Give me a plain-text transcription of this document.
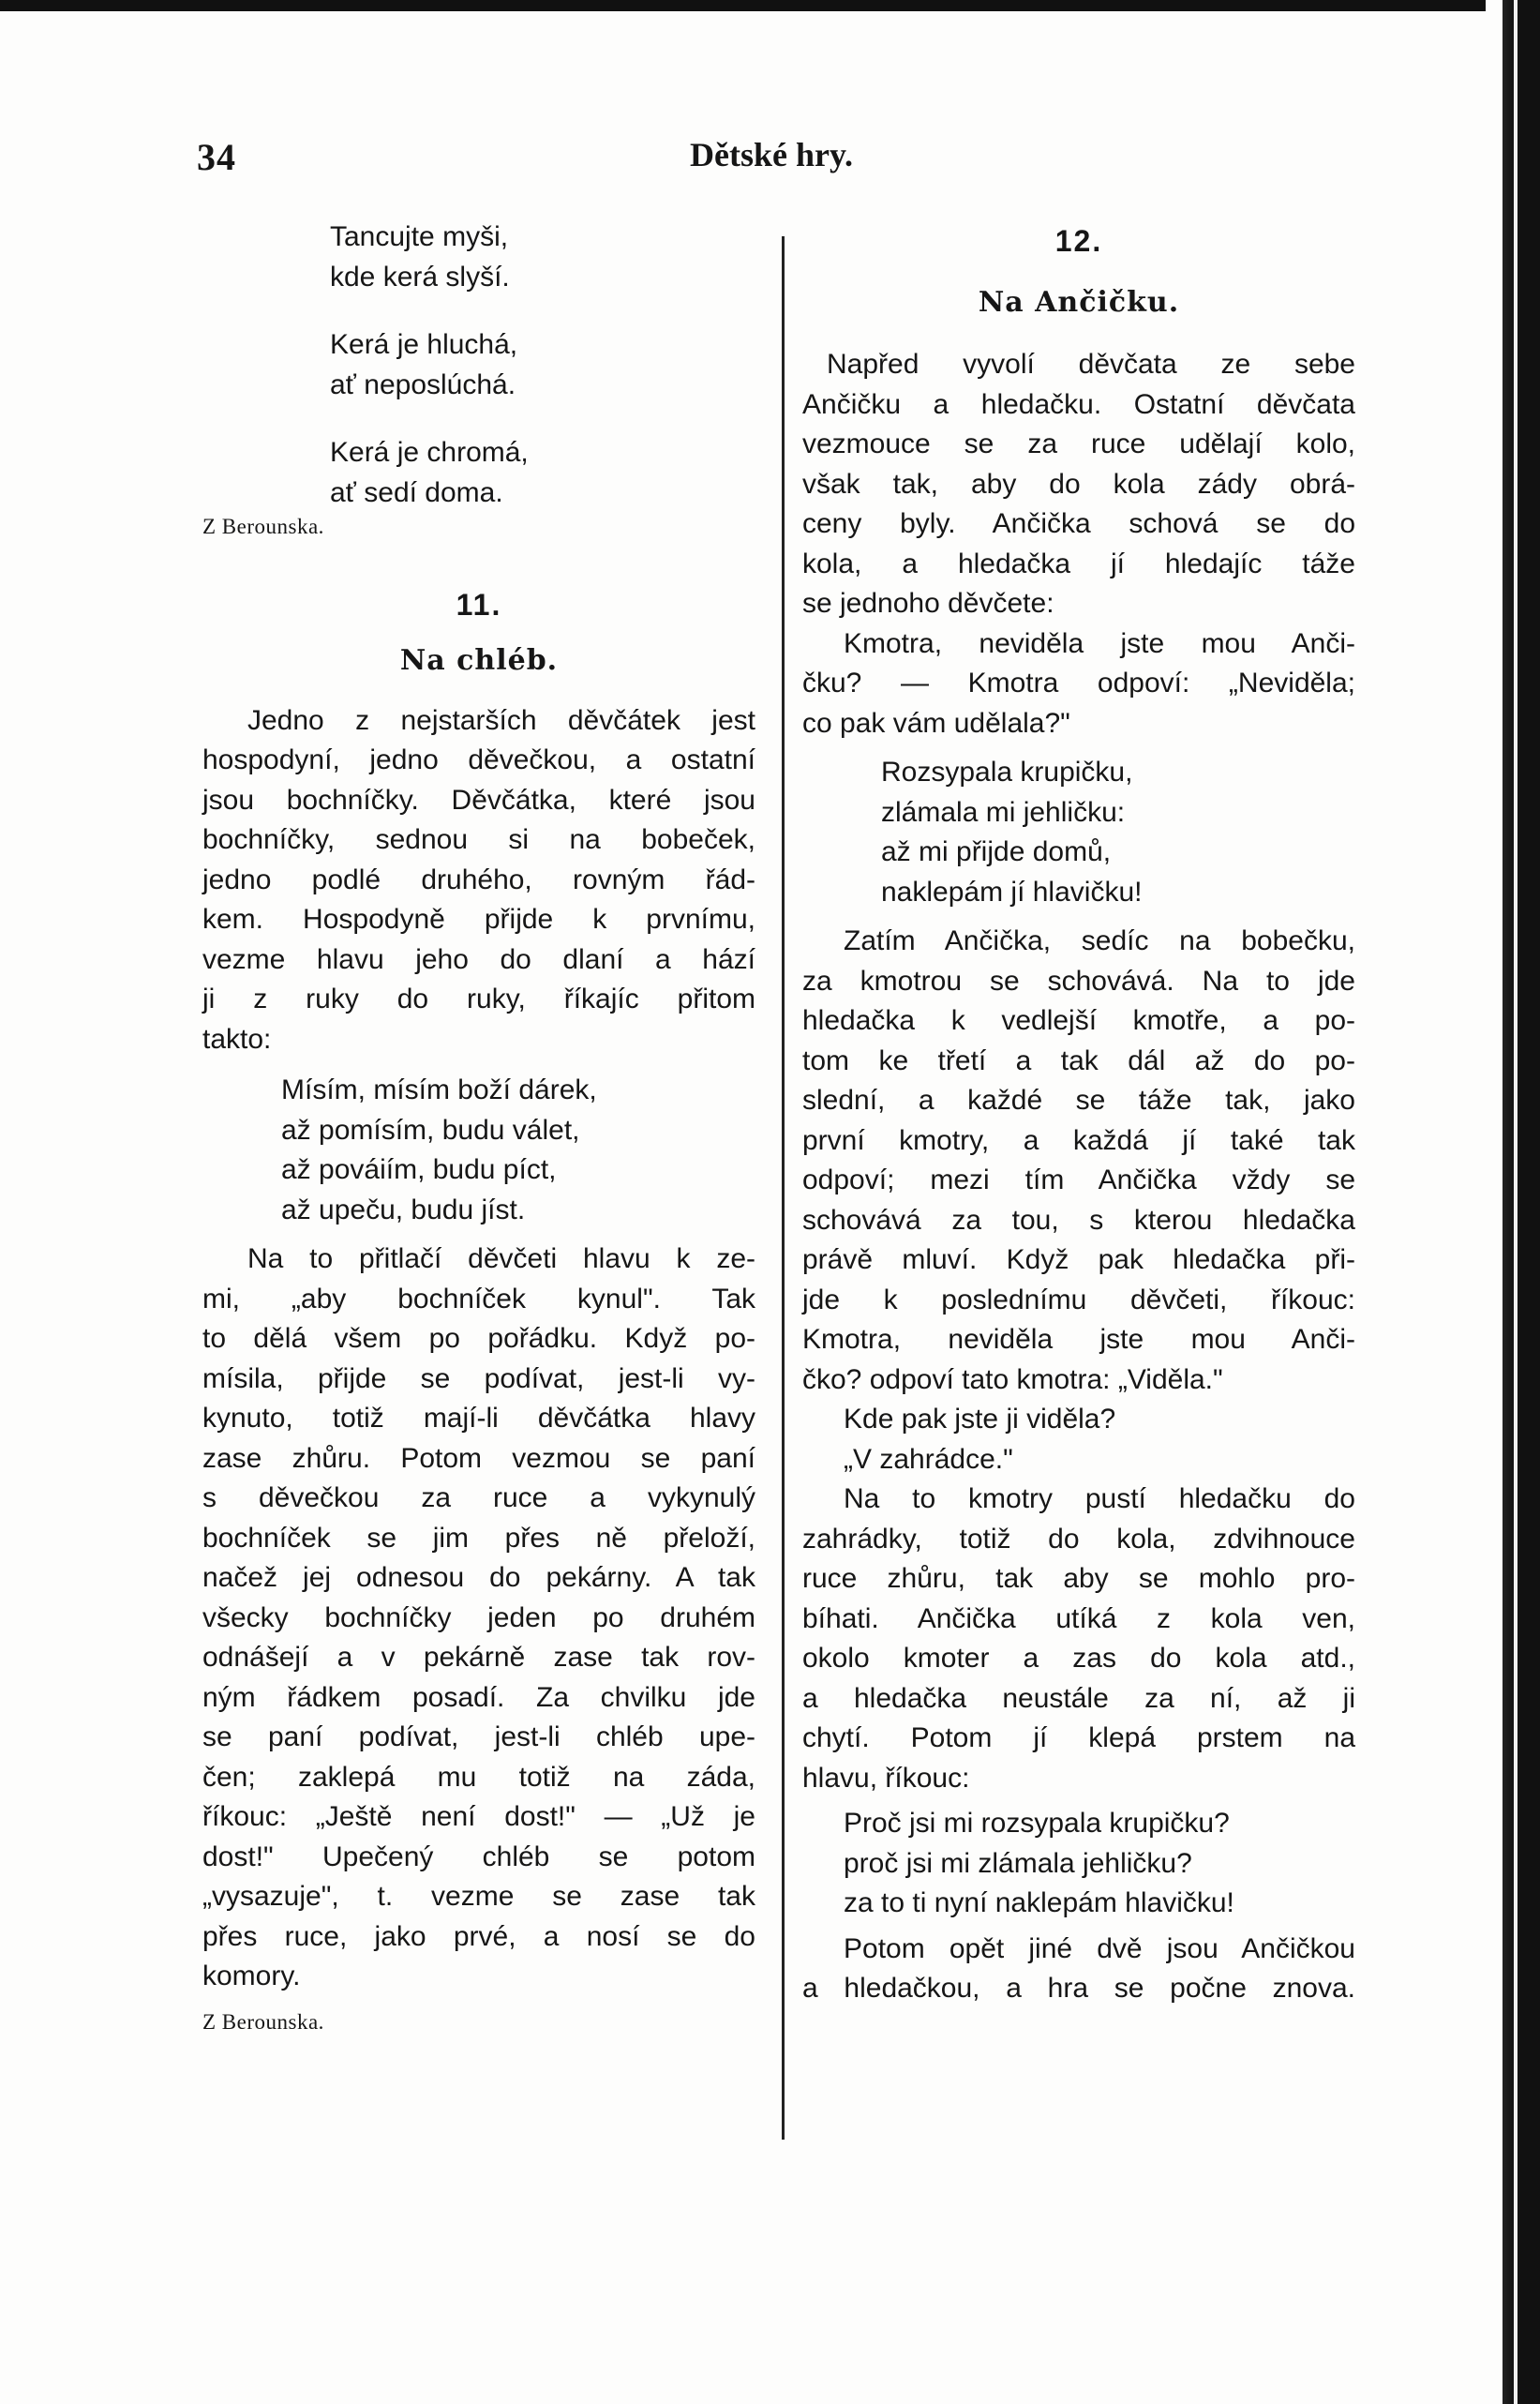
34	Dětské hry.
Tancujte myši,
kde kerá slyší.
Kerá je hluchá,
ať neposlúchá.
Kerá je chromá,
ať sedí doma.
Z Berounska.
11.
Na chléb.
Jedno z nejstarších děvčátek jest
hospodyní, jedno děvečkou, a ostatní
jsou bochníčky. Děvčátka, které jsou
bochníčky, sednou si na bobeček,
jedno podlé druhého, rovným řád-
kem. Hospodyně přijde k prvnímu,
vezme hlavu jeho do dlaní a hází
ji z ruky do ruky, říkajíc přitom
takto:
Mísím, mísím boží dárek,
až pomísím, budu válet,
až pováiím, budu píct,
až upeču, budu jíst.
Na to přitlačí děvčeti hlavu k ze-
mi, „aby bochníček kynul". Tak
to dělá všem po pořádku. Když po-
mísila, přijde se podívat, jest-li vy-
kynuto, totiž mají-li děvčátka hlavy
zase zhůru. Potom vezmou se paní
s děvečkou za ruce a vykynulý
bochníček se jim přes ně přeloží,
načež jej odnesou do pekárny. A tak
všecky bochníčky jeden po druhém
odnášejí a v pekárně zase tak rov-
ným řádkem posadí. Za chvilku jde
se paní podívat, jest-li chléb upe-
čen; zaklepá mu totiž na záda,
říkouc: „Ještě není dost!" — „Už je
dost!" Upečený chléb se potom
„vysazuje", t. vezme se zase tak
přes ruce, jako prvé, a nosí se do
komory.
Z Berounska.
12.
Na Ančičku.
Napřed vyvolí děvčata ze sebe
Ančičku a hledačku. Ostatní děvčata
vezmouce se za ruce udělají kolo,
však tak, aby do kola zády obrá-
ceny byly. Ančička schová se do
kola, a hledačka jí hledajíc táže
se jednoho děvčete:
Kmotra, neviděla jste mou Anči-
čku? — Kmotra odpoví: „Neviděla;
co pak vám udělala?"
Rozsypala krupičku,
zlámala mi jehličku:
až mi přijde domů,
naklepám jí hlavičku!
Zatím Ančička, sedíc na bobečku,
za kmotrou se schovává. Na to jde
hledačka k vedlejší kmotře, a po-
tom ke třetí a tak dál až do po-
slední, a každé se táže tak, jako
první kmotry, a každá jí také tak
odpoví; mezi tím Ančička vždy se
schovává za tou, s kterou hledačka
právě mluví. Když pak hledačka při-
jde k poslednímu děvčeti, říkouc:
Kmotra, neviděla jste mou Anči-
čko? odpoví tato kmotra: „Viděla."
Kde pak jste ji viděla?
„V zahrádce."
Na to kmotry pustí hledačku do
zahrádky, totiž do kola, zdvihnouce
ruce zhůru, tak aby se mohlo pro-
bíhati. Ančička utíká z kola ven,
okolo kmoter a zas do kola atd.,
a hledačka neustále za ní, až ji
chytí. Potom jí klepá prstem na
hlavu, říkouc:
Proč jsi mi rozsypala krupičku?
proč jsi mi zlámala jehličku?
za to ti nyní naklepám hlavičku!
Potom opět jiné dvě jsou Ančičkou
a hledačkou, a hra se počne znova.
